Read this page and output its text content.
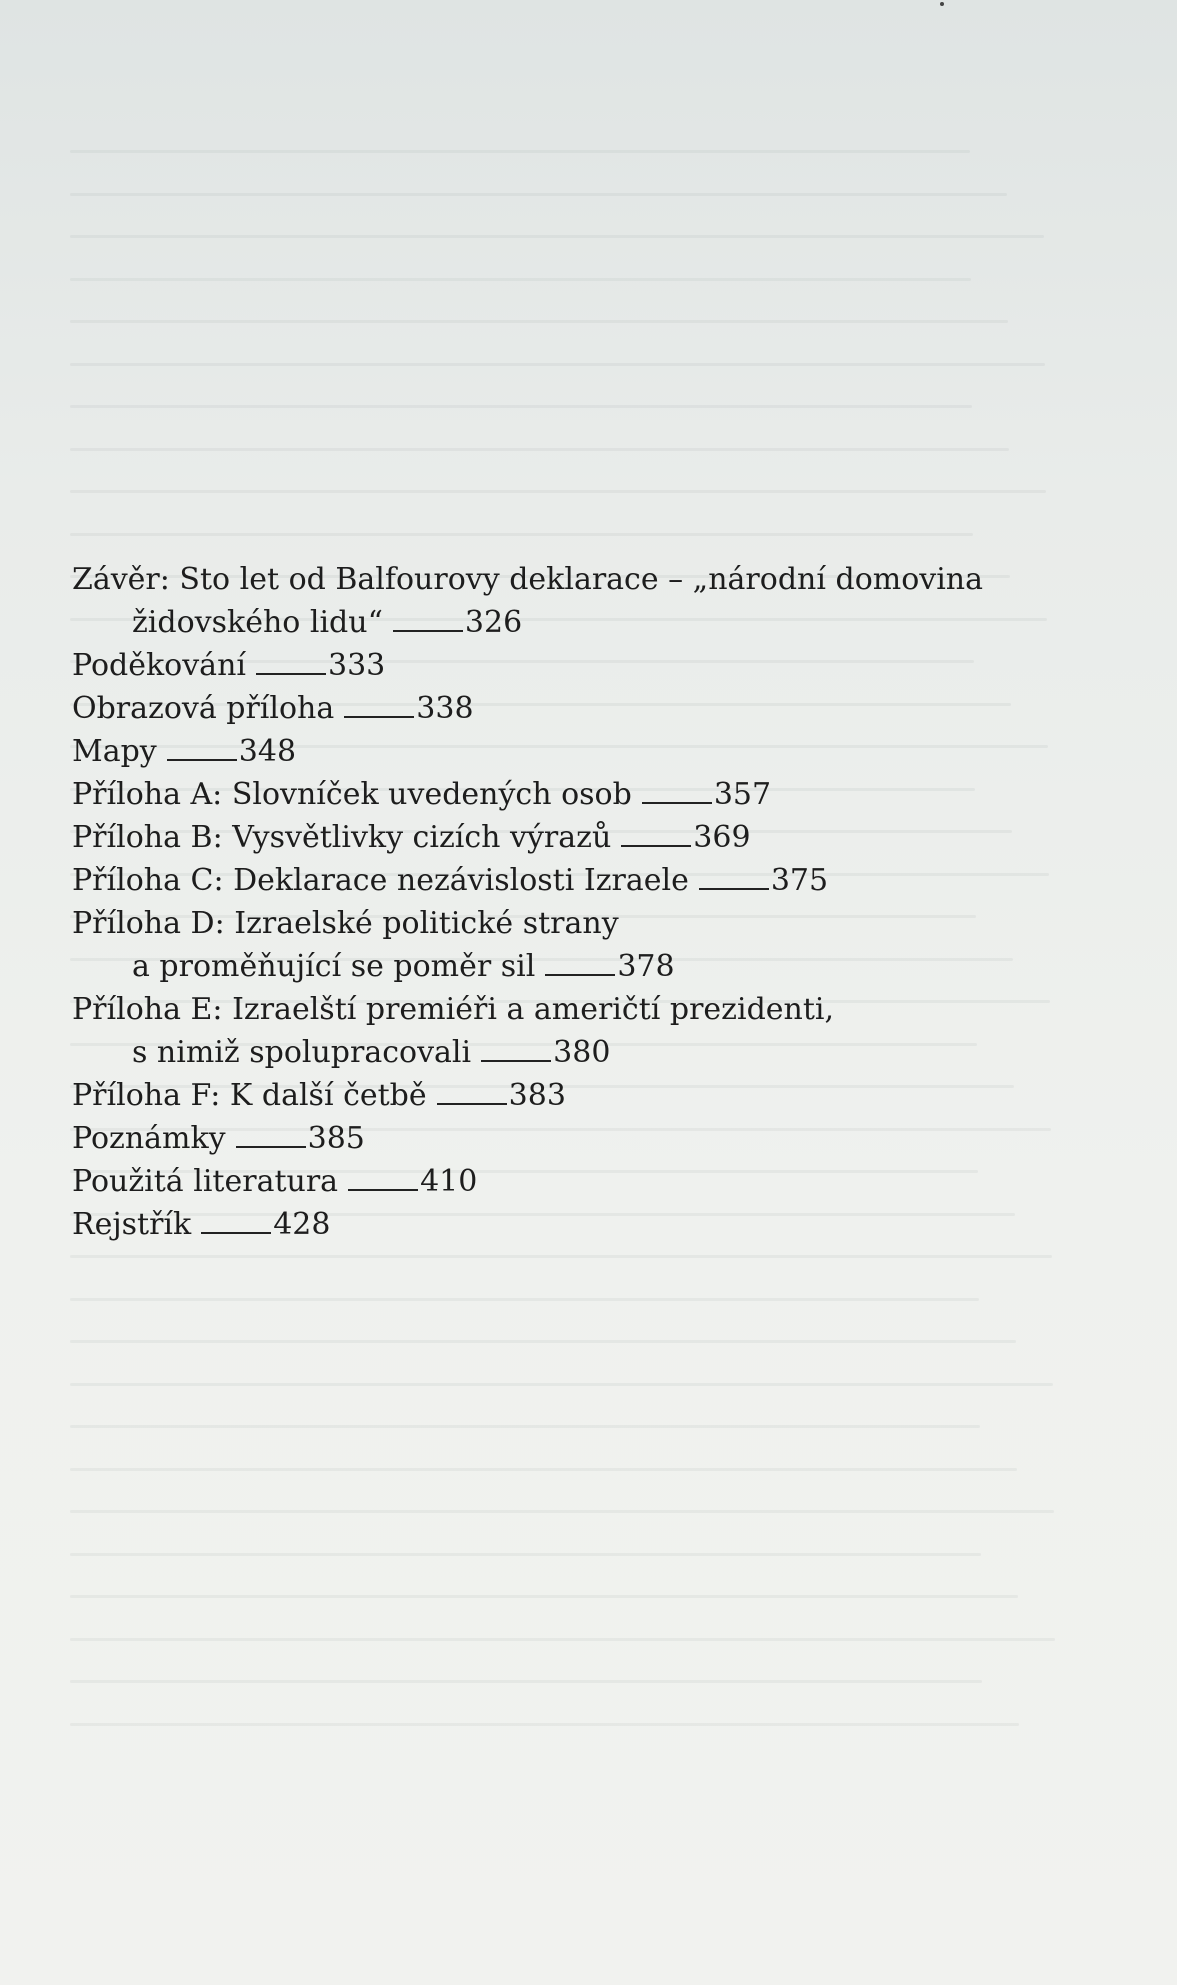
Závěr: Sto let od Balfourovy deklarace – „národní domovina
židovského lidu“	326
Poděkování	333
Obrazová příloha	338
Mapy	348
Příloha A: Slovníček uvedených osob	357
Příloha B: Vysvětlivky cizích výrazů	369
Příloha C: Deklarace nezávislosti Izraele	375
Příloha D: Izraelské politické strany
a proměňující se poměr sil	378
Příloha E: Izraelští premiéři a američtí prezidenti,
s nimiž spolupracovali	380
Příloha F: K další četbě	383
Poznámky	385
Použitá literatura	410
Rejstřík	428
